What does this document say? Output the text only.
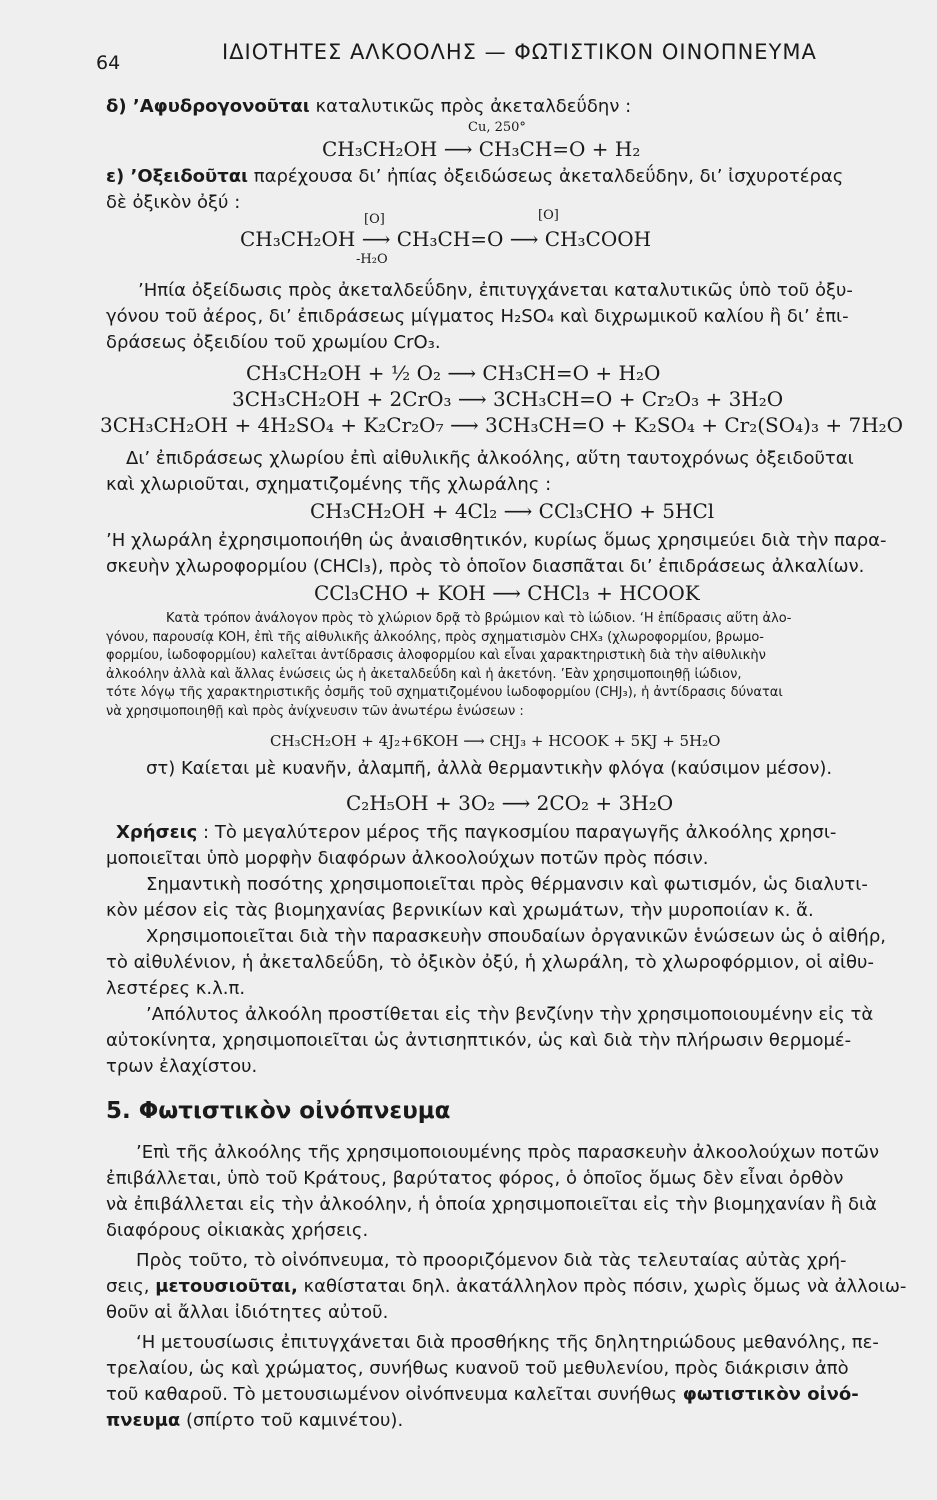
64	ΙΔΙΟΤΗΤΕΣ ΑΛΚΟΟΛΗΣ — ΦΩΤΙΣΤΙΚΟΝ ΟΙΝΟΠΝΕΥΜΑ
δ) ’Αφυδρογονοῦται καταλυτικῶς πρὸς ἀκεταλδεΰδην :
Cu, 250°
CH₃CH₂OH ⟶ CH₃CH=O + H₂
ε) ’Οξειδοῦται παρέχουσα δι’ ἠπίας ὀξειδώσεως ἀκεταλδεΰδην, δι’ ἰσχυροτέρας
δὲ ὀξικὸν ὀξύ :
[O]	[O]
CH₃CH₂OH ⟶ CH₃CH=O ⟶ CH₃COOH
-H₂O
’Ηπία ὀξείδωσις πρὸς ἀκεταλδεΰδην, ἐπιτυγχάνεται καταλυτικῶς ὑπὸ τοῦ ὀξυ-
γόνου τοῦ ἀέρος, δι’ ἐπιδράσεως μίγματος H₂SO₄ καὶ διχρωμικοῦ καλίου ἢ δι’ ἐπι-
δράσεως ὀξειδίου τοῦ χρωμίου CrO₃.
CH₃CH₂OH + ½ O₂ ⟶ CH₃CH=O + H₂O
3CH₃CH₂OH + 2CrO₃ ⟶ 3CH₃CH=O + Cr₂O₃ + 3H₂O
3CH₃CH₂OH + 4H₂SO₄ + K₂Cr₂O₇ ⟶ 3CH₃CH=O + K₂SO₄ + Cr₂(SO₄)₃ + 7H₂O
Δι’ ἐπιδράσεως χλωρίου ἐπὶ αἰθυλικῆς ἀλκοόλης, αὕτη ταυτοχρόνως ὀξειδοῦται
καὶ χλωριοῦται, σχηματιζομένης τῆς χλωράλης :
CH₃CH₂OH + 4Cl₂ ⟶ CCl₃CHO + 5HCl
’Η χλωράλη ἐχρησιμοποιήθη ὡς ἀναισθητικόν, κυρίως ὅμως χρησιμεύει διὰ τὴν παρα-
σκευὴν χλωροφορμίου (CHCl₃), πρὸς τὸ ὁποῖον διασπᾶται δι’ ἐπιδράσεως ἀλκαλίων.
CCl₃CHO + KOH ⟶ CHCl₃ + HCOOK
Κατὰ τρόπον ἀνάλογον πρὸς τὸ χλώριον δρᾷ τὸ βρώμιον καὶ τὸ ἰώδιον. ‘Η ἐπίδρασις αὕτη ἀλο-
γόνου, παρουσίᾳ KOH, ἐπὶ τῆς αἰθυλικῆς ἀλκοόλης, πρὸς σχηματισμὸν CHX₃ (χλωροφορμίου, βρωμο-
φορμίου, ἰωδοφορμίου) καλεῖται ἀντίδρασις ἀλοφορμίου καὶ εἶναι χαρακτηριστικὴ διὰ τὴν αἰθυλικὴν
ἀλκοόλην ἀλλὰ καὶ ἄλλας ἑνώσεις ὡς ἡ ἀκεταλδεΰδη καὶ ἡ ἀκετόνη. ’Εὰν χρησιμοποιηθῇ ἰώδιον,
τότε λόγῳ τῆς χαρακτηριστικῆς ὀσμῆς τοῦ σχηματιζομένου ἰωδοφορμίου (CHJ₃), ἡ ἀντίδρασις δύναται
νὰ χρησιμοποιηθῇ καὶ πρὸς ἀνίχνευσιν τῶν ἀνωτέρω ἑνώσεων :
CH₃CH₂OH + 4J₂+6KOH ⟶ CHJ₃ + HCOOK + 5KJ + 5H₂O
στ) Καίεται μὲ κυανῆν, ἀλαμπῆ, ἀλλὰ θερμαντικὴν φλόγα (καύσιμον μέσον).
C₂H₅OH + 3O₂ ⟶ 2CO₂ + 3H₂O
Χρήσεις : Τὸ μεγαλύτερον μέρος τῆς παγκοσμίου παραγωγῆς ἀλκοόλης χρησι-
μοποιεῖται ὑπὸ μορφὴν διαφόρων ἀλκοολούχων ποτῶν πρὸς πόσιν.
Σημαντικὴ ποσότης χρησιμοποιεῖται πρὸς θέρμανσιν καὶ φωτισμόν, ὡς διαλυτι-
κὸν μέσον εἰς τὰς βιομηχανίας βερνικίων καὶ χρωμάτων, τὴν μυροποιίαν κ. ἄ.
Χρησιμοποιεῖται διὰ τὴν παρασκευὴν σπουδαίων ὀργανικῶν ἑνώσεων ὡς ὁ αἰθήρ,
τὸ αἰθυλένιον, ἡ ἀκεταλδεΰδη, τὸ ὀξικὸν ὀξύ, ἡ χλωράλη, τὸ χλωροφόρμιον, οἱ αἰθυ-
λεστέρες κ.λ.π.
’Απόλυτος ἀλκοόλη προστίθεται εἰς τὴν βενζίνην τὴν χρησιμοποιουμένην εἰς τὰ
αὐτοκίνητα, χρησιμοποιεῖται ὡς ἀντισηπτικόν, ὡς καὶ διὰ τὴν πλήρωσιν θερμομέ-
τρων ἐλαχίστου.
5. Φωτιστικὸν οἰνόπνευμα
’Επὶ τῆς ἀλκοόλης τῆς χρησιμοποιουμένης πρὸς παρασκευὴν ἀλκοολούχων ποτῶν
ἐπιβάλλεται, ὑπὸ τοῦ Κράτους, βαρύτατος φόρος, ὁ ὁποῖος ὅμως δὲν εἶναι ὀρθὸν
νὰ ἐπιβάλλεται εἰς τὴν ἀλκοόλην, ἡ ὁποία χρησιμοποιεῖται εἰς τὴν βιομηχανίαν ἢ διὰ
διαφόρους οἰκιακὰς χρήσεις.
Πρὸς τοῦτο, τὸ οἰνόπνευμα, τὸ προοριζόμενον διὰ τὰς τελευταίας αὐτὰς χρή-
σεις, μετουσιοῦται, καθίσταται δηλ. ἀκατάλληλον πρὸς πόσιν, χωρὶς ὅμως νὰ ἀλλοιω-
θοῦν αἱ ἄλλαι ἰδιότητες αὐτοῦ.
‘Η μετουσίωσις ἐπιτυγχάνεται διὰ προσθήκης τῆς δηλητηριώδους μεθανόλης, πε-
τρελαίου, ὡς καὶ χρώματος, συνήθως κυανοῦ τοῦ μεθυλενίου, πρὸς διάκρισιν ἀπὸ
τοῦ καθαροῦ. Τὸ μετουσιωμένον οἰνόπνευμα καλεῖται συνήθως φωτιστικὸν οἰνό-
πνευμα (σπίρτο τοῦ καμινέτου).
